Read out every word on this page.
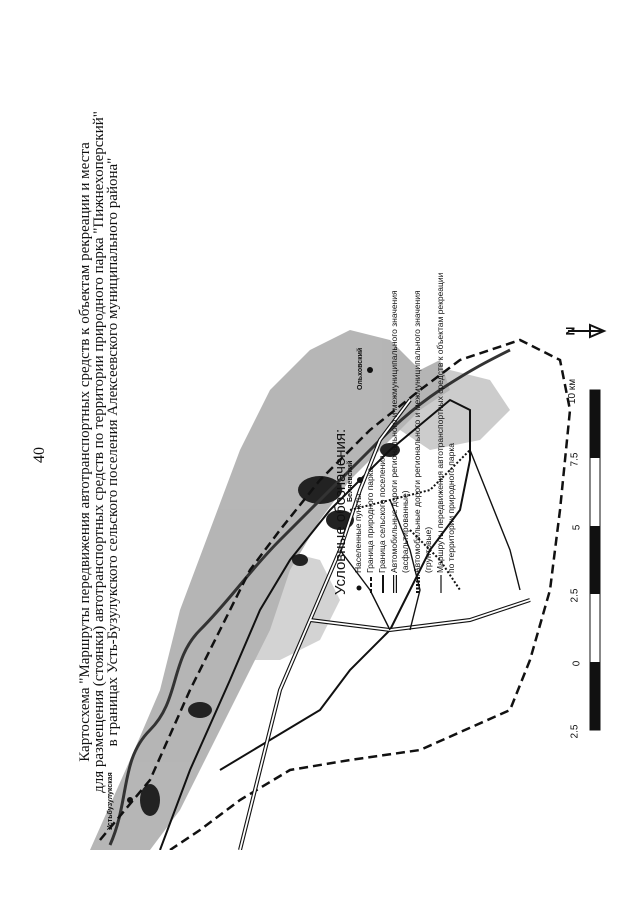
40 Картосхема "Маршруты передвижения автотранспортных средств к объектам рекреации и места
для размещения (стоянки) автотранспортных средств по территории природного парка "Пижнехоперский"
в границах Усть-Бузулукского сельского поселения Алексеевского муниципального района"
Устьбузулукская
Ольховский
Беляевский
Условные обозначения: Населенные пункты Граница природного парка Граница сельского поселения Автомобильные дороги регионального и межмуниципального значения (асфальтированные) Автомобильные дороги регионального и межмуниципального значения (грунтовые) Маршруты передвижения автотранспортных средств к объектам рекреации по территории природного парка
N
10 км
7.5
5
2.5
0
2.5
